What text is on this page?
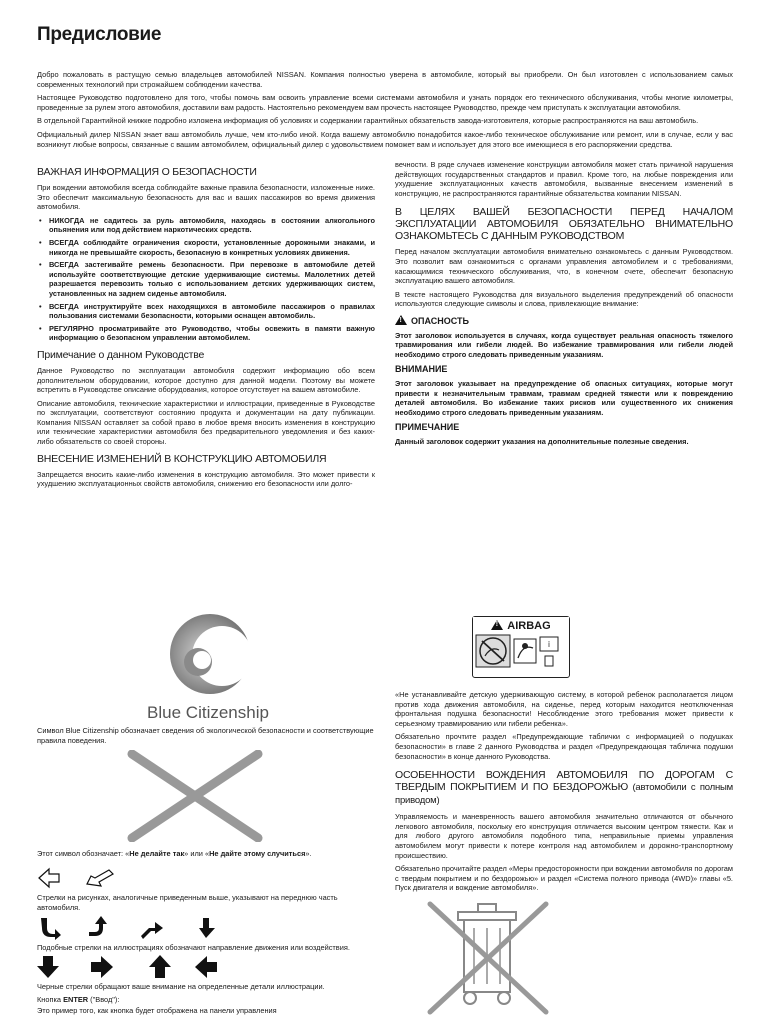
Предисловие

Добро пожаловать в растущую семью владельцев автомобилей NISSAN. Компания полностью уверена в автомобиле, который вы приобрели. Он был изготовлен с использованием самых современных технологий при строжайшем соблюдении качества.

Настоящее Руководство подготовлено для того, чтобы помочь вам освоить управление всеми системами автомобиля и узнать порядок его технического обслуживания, чтобы многие километры, проведенные за рулем этого автомобиля, доставили вам радость. Настоятельно рекомендуем вам прочесть настоящее Руководство, прежде чем приступать к эксплуатации автомобиля.

В отдельной Гарантийной книжке подробно изложена информация об условиях и содержании гарантийных обязательств завода-изготовителя, которые распространяются на ваш автомобиль.

Официальный дилер NISSAN знает ваш автомобиль лучше, чем кто-либо иной. Когда вашему автомобилю понадобится какое-либо техническое обслуживание или ремонт, или в случае, если у вас возникнут любые вопросы, связанные с вашим автомобилем, официальный дилер с удовольствием поможет вам и использует для этого все имеющиеся в его распоряжении средства.

ВАЖНАЯ ИНФОРМАЦИЯ О БЕЗОПАСНОСТИ

При вождении автомобиля всегда соблюдайте важные правила безопасности, изложенные ниже. Это обеспечит максимальную безопасность для вас и ваших пассажиров во время движения автомобиля.

• НИКОГДА не садитесь за руль автомобиля, находясь в состоянии алкогольного опьянения или под действием наркотических средств.
• ВСЕГДА соблюдайте ограничения скорости, установленные дорожными знаками, и никогда не превышайте скорость, безопасную в конкретных условиях движения.
• ВСЕГДА застегивайте ремень безопасности. При перевозке в автомобиле детей используйте соответствующие детские удерживающие системы. Малолетних детей разрешается перевозить только с использованием детских удерживающих систем, установленных на заднем сиденье автомобиля.
• ВСЕГДА инструктируйте всех находящихся в автомобиле пассажиров о правилах пользования системами безопасности, которыми оснащен автомобиль.
• РЕГУЛЯРНО просматривайте это Руководство, чтобы освежить в памяти важную информацию о безопасном управлении автомобилем.
Примечание о данном Руководстве

Данное Руководство по эксплуатации автомобиля содержит информацию обо всем дополнительном оборудовании, которое доступно для данной модели. Поэтому вы можете встретить в Руководстве описание оборудования, которое отсутствует на вашем автомобиле.

Описание автомобиля, технические характеристики и иллюстрации, приведенные в Руководстве по эксплуатации, соответствуют состоянию продукта и документации на дату публикации. Компания NISSAN оставляет за собой право в любое время вносить изменения в конструкцию или технические характеристики автомобиля без предварительного уведомления и без каких-либо обязательств со своей стороны.

ВНЕСЕНИЕ ИЗМЕНЕНИЙ В КОНСТРУКЦИЮ АВТОМОБИЛЯ

Запрещается вносить какие-либо изменения в конструкцию автомобиля. Это может привести к ухудшению эксплуатационных свойств автомобиля, снижению его безопасности или долго-

вечности. В ряде случаев изменение конструкции автомобиля может стать причиной нарушения действующих государственных стандартов и правил. Кроме того, на любые повреждения или ухудшение эксплуатационных качеств автомобиля, вызванные внесением изменений в конструкцию, не распространяются гарантийные обязательства компании NISSAN.

В ЦЕЛЯХ ВАШЕЙ БЕЗОПАСНОСТИ ПЕРЕД НАЧАЛОМ ЭКСПЛУАТАЦИИ АВТОМОБИЛЯ ОБЯЗАТЕЛЬНО ВНИМАТЕЛЬНО ОЗНАКОМЬТЕСЬ С ДАННЫМ РУКОВОДСТВОМ

Перед началом эксплуатации автомобиля внимательно ознакомьтесь с данным Руководством. Это позволит вам ознакомиться с органами управления автомобилем и с требованиями, касающимися технического обслуживания, что, в конечном счете, обеспечит безопасную эксплуатацию вашего автомобиля.

В тексте настоящего Руководства для визуального выделения предупреждений об опасности используются следующие символы и слова, привлекающие внимание:

!ОПАСНОСТЬ

Этот заголовок используется в случаях, когда существует реальная опасность тяжелого травмирования или гибели людей. Во избежание травмирования или гибели людей необходимо строго следовать приведенным указаниям.

ВНИМАНИЕ

Этот заголовок указывает на предупреждение об опасных ситуациях, которые могут привести к незначительным травмам, травмам средней тяжести или к повреждению деталей автомобиля. Во избежание таких рисков или существенного их снижения необходимо строго следовать приведенным указаниям.

ПРИМЕЧАНИЕ

Данный заголовок содержит указания на дополнительные полезные сведения.

Blue Citizenship
Символ Blue Citizenship обозначает сведения об экологической безопасности и соответствующие правила поведения.
Этот символ обозначает: «Не делайте так» или «Не дайте этому случиться».
Стрелки на рисунках, аналогичные приведенным выше, указывают на переднюю часть автомобиля.
Подобные стрелки на иллюстрациях обозначают направление движения или воздействия.
Черные стрелки обращают ваше внимание на определенные детали иллюстрации.
Кнопка ENTER ("Ввод"):
Это пример того, как кнопка будет отображена на панели управления
!AIRBAG
i

«Не устанавливайте детскую удерживающую систему, в которой ребенок располагается лицом против хода движения автомобиля, на сиденье, перед которым находится неотключенная фронтальная подушка безопасности! Несоблюдение этого требования может привести к серьезному травмированию или гибели ребенка».

Обязательно прочтите раздел «Предупреждающие таблички с информацией о подушках безопасности» в главе 2 данного Руководства и раздел «Предупреждающая табличка подушки безопасности» в конце данного Руководства.

ОСОБЕННОСТИ ВОЖДЕНИЯ АВТОМОБИЛЯ ПО ДОРОГАМ С ТВЕРДЫМ ПОКРЫТИЕМ И ПО БЕЗДОРОЖЬЮ (автомобили с полным приводом)

Управляемость и маневренность вашего автомобиля значительно отличаются от обычного легкового автомобиля, поскольку его конструкция отличается высоким центром тяжести. Как и для любого другого автомобиля подобного типа, неправильные приемы управления автомобилем могут привести к потере контроля над автомобилем и дорожно-транспортному происшествию.

Обязательно прочитайте раздел «Меры предосторожности при вождении автомобиля по дорогам с твердым покрытием и по бездорожью» и раздел «Система полного привода (4WD)» главы «5. Пуск двигателя и вождение автомобиля».
